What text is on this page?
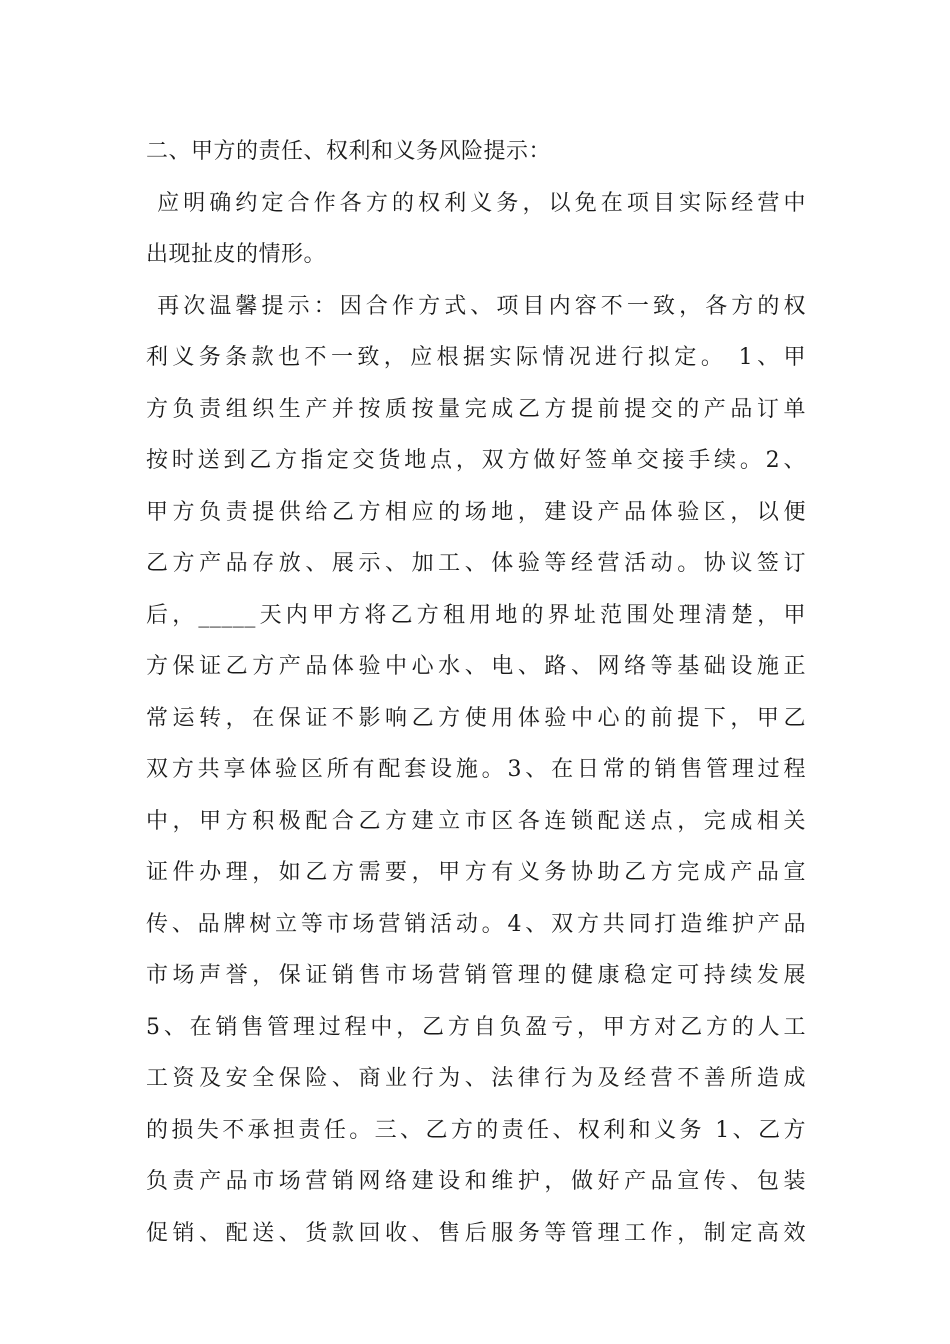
二、甲方的责任、权利和义务风险提示：
应明确约定合作各方的权利义务，以免在项目实际经营中
出现扯皮的情形。
再次温馨提示：因合作方式、项目内容不一致，各方的权
利义务条款也不一致，应根据实际情况进行拟定。 1、甲
方负责组织生产并按质按量完成乙方提前提交的产品订单
按时送到乙方指定交货地点，双方做好签单交接手续。2、
甲方负责提供给乙方相应的场地，建设产品体验区，以便
乙方产品存放、展示、加工、体验等经营活动。协议签订
后，_____天内甲方将乙方租用地的界址范围处理清楚，甲
方保证乙方产品体验中心水、电、路、网络等基础设施正
常运转，在保证不影响乙方使用体验中心的前提下，甲乙
双方共享体验区所有配套设施。3、在日常的销售管理过程
中，甲方积极配合乙方建立市区各连锁配送点，完成相关
证件办理，如乙方需要，甲方有义务协助乙方完成产品宣
传、品牌树立等市场营销活动。4、双方共同打造维护产品
市场声誉，保证销售市场营销管理的健康稳定可持续发展
5、在销售管理过程中，乙方自负盈亏，甲方对乙方的人工
工资及安全保险、商业行为、法律行为及经营不善所造成
的损失不承担责任。三、乙方的责任、权利和义务 1、乙方
负责产品市场营销网络建设和维护，做好产品宣传、包装
促销、配送、货款回收、售后服务等管理工作，制定高效
